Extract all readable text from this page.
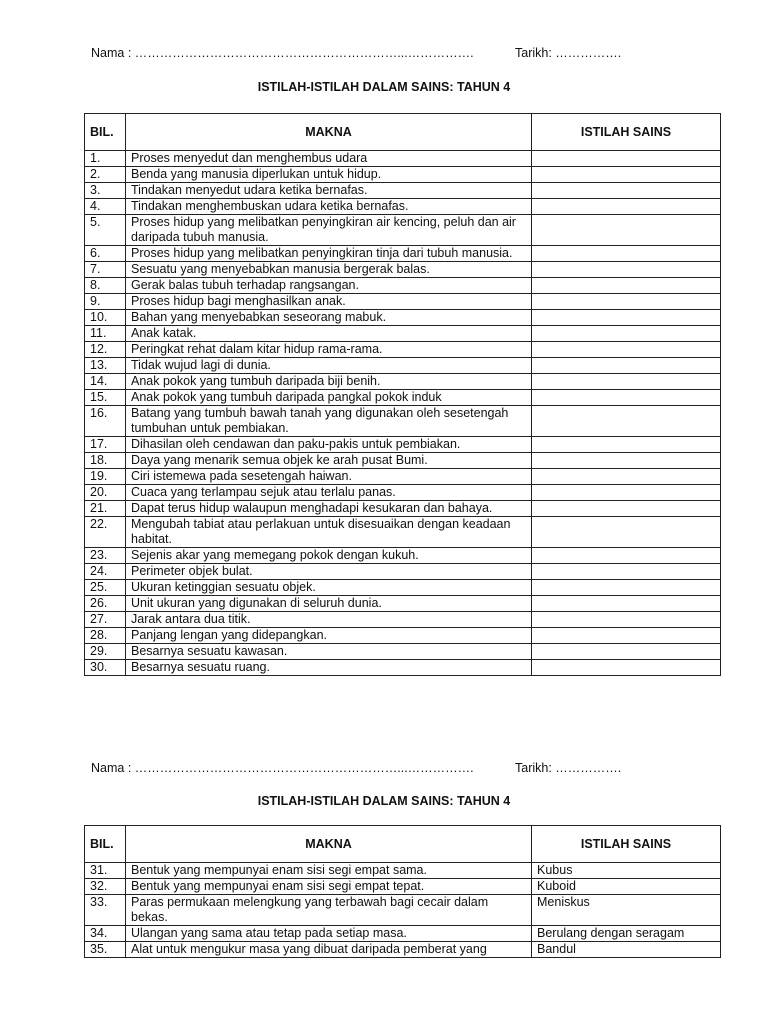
Nama : ………………………………………………………...…………….	Tarikh: …………….
ISTILAH-ISTILAH DALAM SAINS: TAHUN 4
BIL.	MAKNA	ISTILAH SAINS
1.	Proses menyedut dan menghembus udara	
2.	Benda yang manusia diperlukan untuk hidup.	
3.	Tindakan menyedut udara ketika bernafas.	
4.	Tindakan menghembuskan udara ketika bernafas.	
5.	Proses hidup yang melibatkan penyingkiran air kencing, peluh dan air daripada tubuh manusia.	
6.	Proses hidup yang melibatkan penyingkiran tinja dari tubuh manusia.	
7.	Sesuatu yang menyebabkan manusia bergerak balas.	
8.	Gerak balas tubuh terhadap rangsangan.	
9.	Proses hidup bagi menghasilkan anak.	
10.	Bahan yang menyebabkan seseorang mabuk.	
11.	Anak katak.	
12.	Peringkat rehat dalam kitar hidup rama-rama.	
13.	Tidak wujud lagi di dunia.	
14.	Anak pokok yang tumbuh daripada biji benih.	
15.	Anak pokok yang tumbuh daripada pangkal pokok induk	
16.	Batang yang tumbuh bawah tanah yang digunakan oleh sesetengah tumbuhan untuk pembiakan.	
17.	Dihasilan oleh cendawan dan paku-pakis untuk pembiakan.	
18.	Daya yang menarik semua objek ke arah pusat Bumi.	
19.	Ciri istemewa pada sesetengah haiwan.	
20.	Cuaca yang terlampau sejuk atau terlalu panas.	
21.	Dapat terus hidup walaupun menghadapi kesukaran dan bahaya.	
22.	Mengubah tabiat atau perlakuan untuk disesuaikan dengan keadaan habitat.	
23.	Sejenis akar yang memegang pokok dengan kukuh.	
24.	Perimeter objek bulat.	
25.	Ukuran ketinggian sesuatu objek.	
26.	Unit ukuran yang digunakan di seluruh dunia.	
27.	Jarak antara dua titik.	
28.	Panjang lengan yang didepangkan.	
29.	Besarnya sesuatu kawasan.	
30.	Besarnya sesuatu ruang.	
Nama : ………………………………………………………...…………….	Tarikh: …………….
ISTILAH-ISTILAH DALAM SAINS: TAHUN 4
BIL.	MAKNA	ISTILAH SAINS
31.	Bentuk yang mempunyai enam sisi segi empat sama.	Kubus
32.	Bentuk yang mempunyai enam sisi segi empat tepat.	Kuboid
33.	Paras permukaan melengkung yang terbawah bagi cecair dalam bekas.	Meniskus
34.	Ulangan yang sama atau tetap pada setiap masa.	Berulang dengan seragam
35.	Alat untuk mengukur masa yang dibuat daripada pemberat yang	Bandul
